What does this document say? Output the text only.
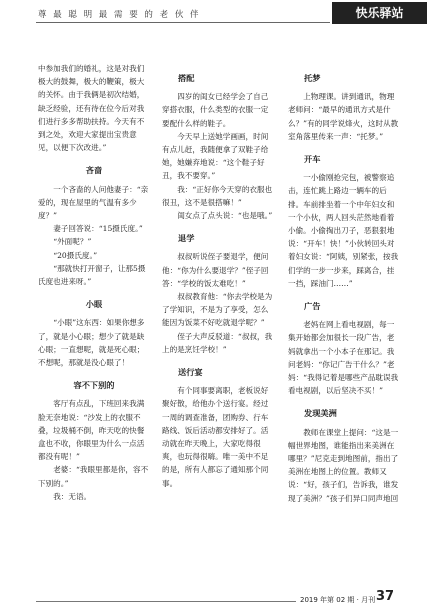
尊 最 聪 明 最 需 要 的 老 伙 伴	快乐驿站

中参加我们的婚礼，这是对我们极大的鼓舞，极大的鞭策，极大的关怀。由于我俩是初次结婚，缺乏经验，还有待在位今后对我们进行多多帮助扶持。今天有不到之处，欢迎大家提出宝贵意见，以便下次改进。”

吝啬

一个吝啬的人问他妻子：“亲爱的，现在屋里的气温有多少度？”

妻子回答说：“15摄氏度。”

“外面呢？”

“20摄氏度。”

“那就快打开窗子，让那5摄氏度也进来呀。”

小眼

“小眼”这东西：如果你想多了，就是小心眼；想少了就是缺心眼；一直想呢，就是死心眼；不想呢，那就是没心眼了！

容不下别的

客厅有点乱，下班回来我满脸无奈地说：“沙发上的衣服不叠，垃圾桶不倒，昨天吃的快餐盒也不收，你眼里为什么一点活都没有呢！”

老婆：“我眼里都是你，容不下别的。”

我：无语。

搭配

四岁的闺女已经学会了自己穿搭衣服，什么类型的衣服一定要配什么样的鞋子。

今天早上送她学画画，时间有点儿赶，我随便拿了双鞋子给她，她嫌弃地说：“这个鞋子好丑，我不要穿。”

我：“正好你今天穿的衣服也很丑，这不是很搭嘛！”

闺女点了点头说：“也是哦。”

退学

叔叔听说侄子要退学，便问他：“你为什么要退学？”侄子回答：“学校的饭太难吃！”

叔叔教育他：“你去学校是为了学知识，不是为了享受，怎么能因为饭菜不好吃就退学呢？”

侄子大声反驳道：“叔叔，我上的是烹饪学校！”

送行宴

有个同事要离职，老板说好聚好散，给他办个送行宴。经过一周的调查准备，团购券、行车路线、饭后活动都安排好了。活动就在昨天晚上，大家吃得很爽，也玩得很嗨。唯一美中不足的是，所有人都忘了通知那个同事。

托梦

上物理课。讲到通讯，物理老师问：“最早的通讯方式是什么？”有的同学说烽火，这时从教室角落里传来一声：“托梦。”

开车

一小偷刚抢完包，被警察追击，连忙跳上路边一辆车的后排。车前排坐着一个中年妇女和一个小伙，两人回头茫然地看着小偷。小偷掏出刀子，恶狠狠地说：“开车！快！”小伙转回头对着妇女说：“阿姨，别紧张，按我们学的一步一步来，踩离合，挂一挡，踩油门……”

广告

老妈在网上看电视剧，每一集开始都会加很长一段广告，老妈就拿出一个小本子在那记。我问老妈：“你记广告干什么？”老妈：“我得记着是哪些产品耽误我看电视剧，以后坚决不买！”

发现美洲

教师在课堂上提问：“这是一幅世界地图，谁能指出来美洲在哪里？”尼克走到地图前，指出了美洲在地图上的位置。教师又说：“好，孩子们，告诉我，谁发现了美洲？”孩子们异口同声地回

2019 年第 02 期 · 月刊 37
